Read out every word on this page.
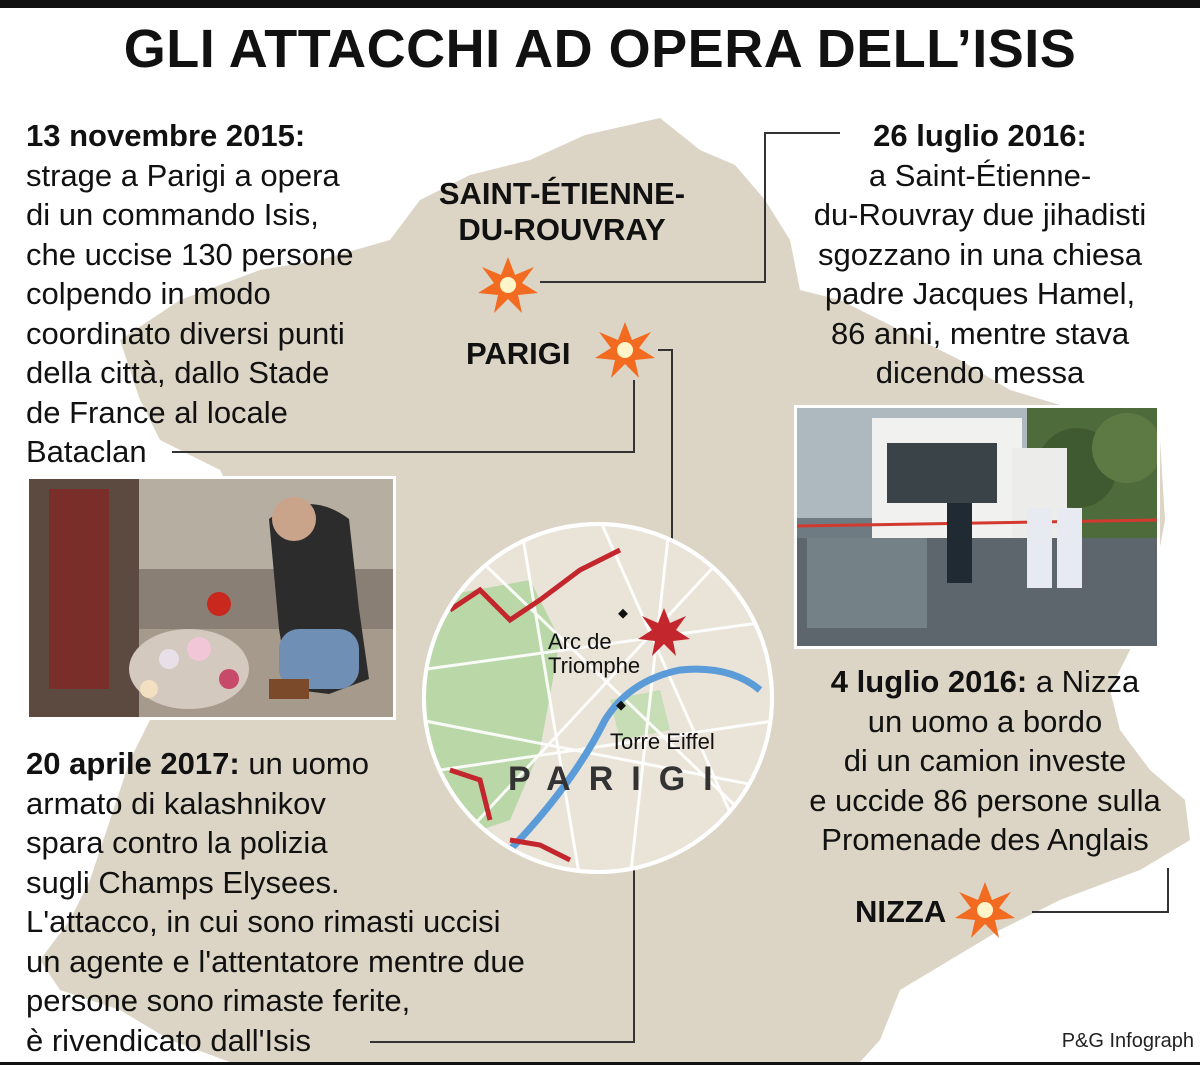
GLI ATTACCHI AD OPERA DELL’ISIS
SAINT-ÉTIENNE-
DU-ROUVRAY
PARIGI
NIZZA
13 novembre 2015:
strage a Parigi a opera
di un commando Isis,
che uccise 130 persone
colpendo in modo
coordinato diversi punti
della città, dallo Stade
de France al locale
Bataclan
26 luglio 2016:
a Saint-Étienne-
du-Rouvray due jihadisti
sgozzano in una chiesa
padre Jacques Hamel,
86 anni, mentre stava
dicendo messa
4 luglio 2016: a Nizza
un uomo a bordo
di un camion investe
e uccide 86 persone sulla
Promenade des Anglais
20 aprile 2017: un uomo
armato di kalashnikov
spara contro la polizia
sugli Champs Elysees.
L'attacco, in cui sono rimasti uccisi
un agente e l'attentatore mentre due
persone sono rimaste ferite,
è rivendicato dall'Isis
Arc de
Triomphe
Torre Eiffel
PARIGI
P&G Infograph
